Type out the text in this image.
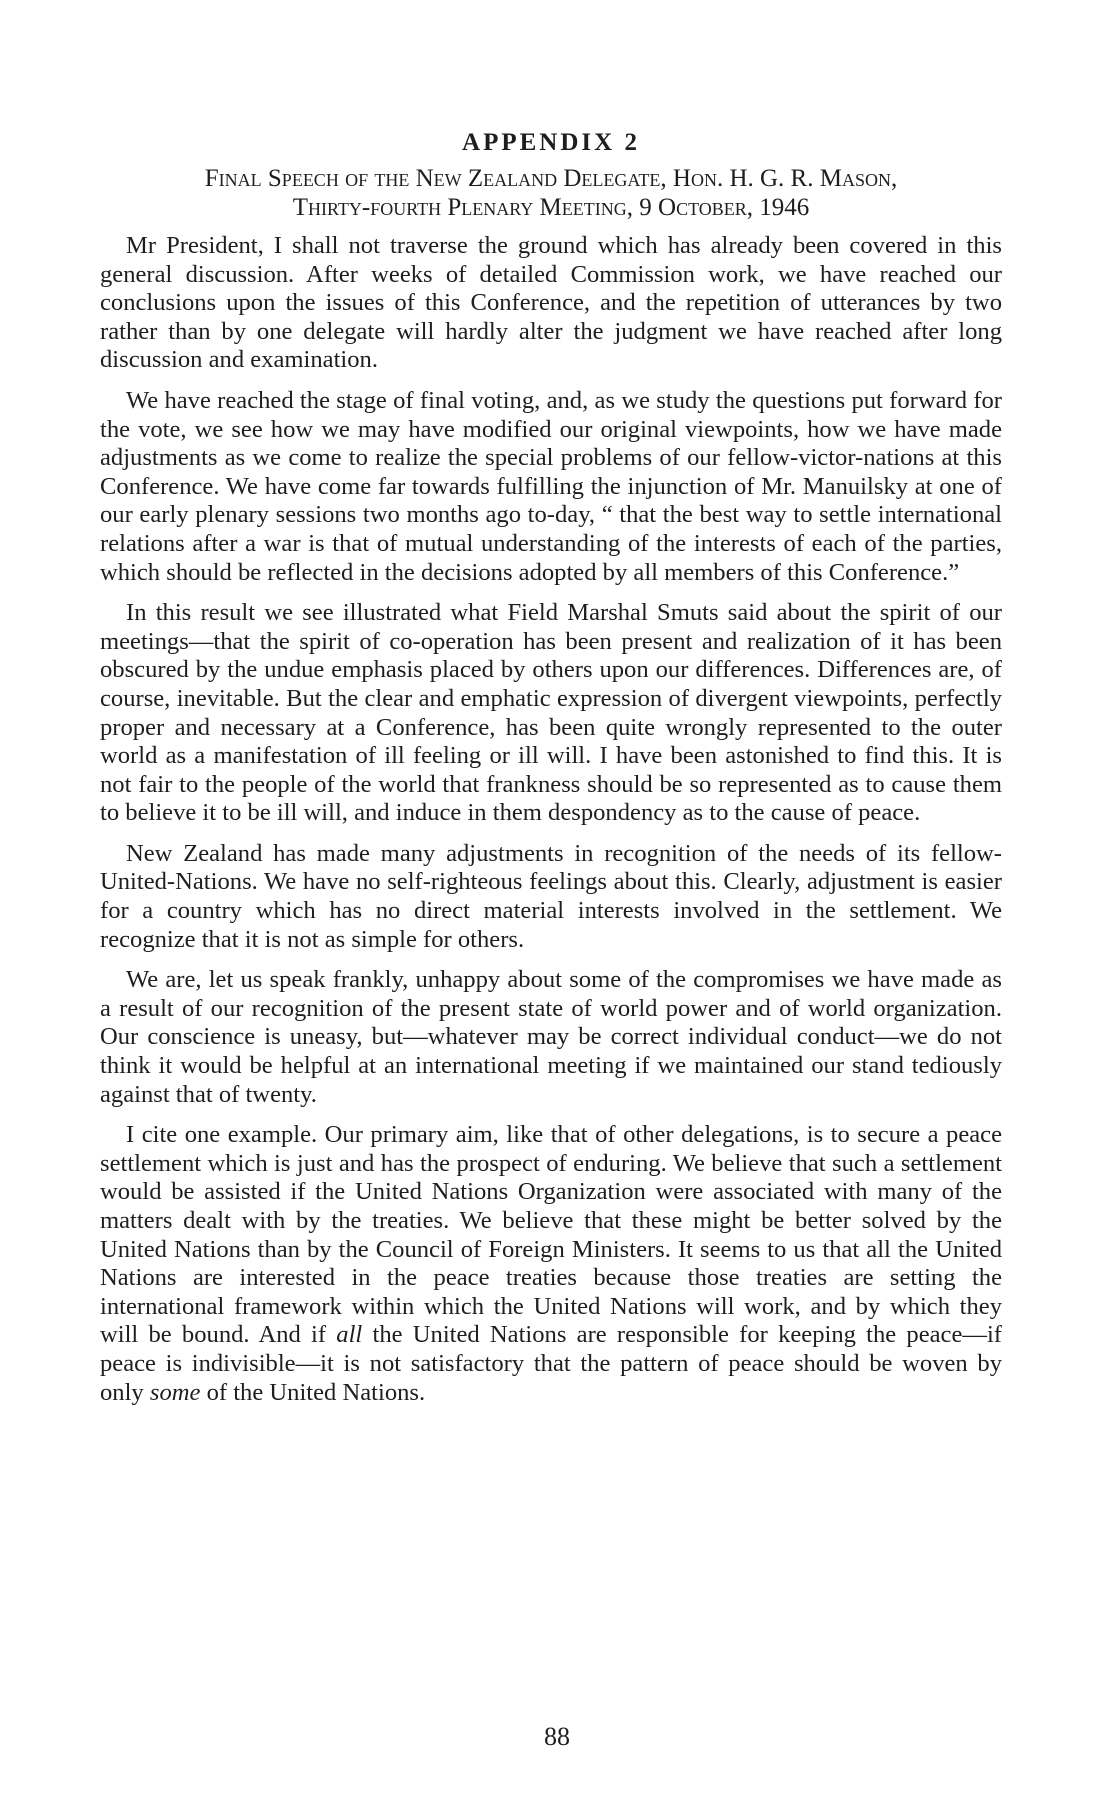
APPENDIX 2
Final Speech of the New Zealand Delegate, Hon. H. G. R. Mason,
Thirty-fourth Plenary Meeting, 9 October, 1946

Mr President, I shall not traverse the ground which has already been covered in this general discussion. After weeks of detailed Commission work, we have reached our conclusions upon the issues of this Conference, and the repetition of utterances by two rather than by one delegate will hardly alter the judgment we have reached after long discussion and examination.

We have reached the stage of final voting, and, as we study the questions put forward for the vote, we see how we may have modified our original viewpoints, how we have made adjustments as we come to realize the special problems of our fellow-victor-nations at this Conference. We have come far towards fulfilling the injunction of Mr. Manuilsky at one of our early plenary sessions two months ago to-day, “ that the best way to settle international relations after a war is that of mutual understanding of the interests of each of the parties, which should be reflected in the decisions adopted by all members of this Conference.”

In this result we see illustrated what Field Marshal Smuts said about the spirit of our meetings—that the spirit of co-operation has been present and realization of it has been obscured by the undue emphasis placed by others upon our differences. Differences are, of course, inevitable. But the clear and emphatic expression of divergent viewpoints, perfectly proper and necessary at a Conference, has been quite wrongly represented to the outer world as a manifestation of ill feeling or ill will. I have been astonished to find this. It is not fair to the people of the world that frankness should be so represented as to cause them to believe it to be ill will, and induce in them despondency as to the cause of peace.

New Zealand has made many adjustments in recognition of the needs of its fellow-United-Nations. We have no self-righteous feelings about this. Clearly, adjustment is easier for a country which has no direct material interests involved in the settlement. We recognize that it is not as simple for others.

We are, let us speak frankly, unhappy about some of the compromises we have made as a result of our recognition of the present state of world power and of world organization. Our conscience is uneasy, but—whatever may be correct individual conduct—we do not think it would be helpful at an international meeting if we maintained our stand tediously against that of twenty.

I cite one example. Our primary aim, like that of other delegations, is to secure a peace settlement which is just and has the prospect of enduring. We believe that such a settlement would be assisted if the United Nations Organization were associated with many of the matters dealt with by the treaties. We believe that these might be better solved by the United Nations than by the Council of Foreign Ministers. It seems to us that all the United Nations are interested in the peace treaties because those treaties are setting the international framework within which the United Nations will work, and by which they will be bound. And if all the United Nations are responsible for keeping the peace—if peace is indivisible—it is not satisfactory that the pattern of peace should be woven by only some of the United Nations.

88
